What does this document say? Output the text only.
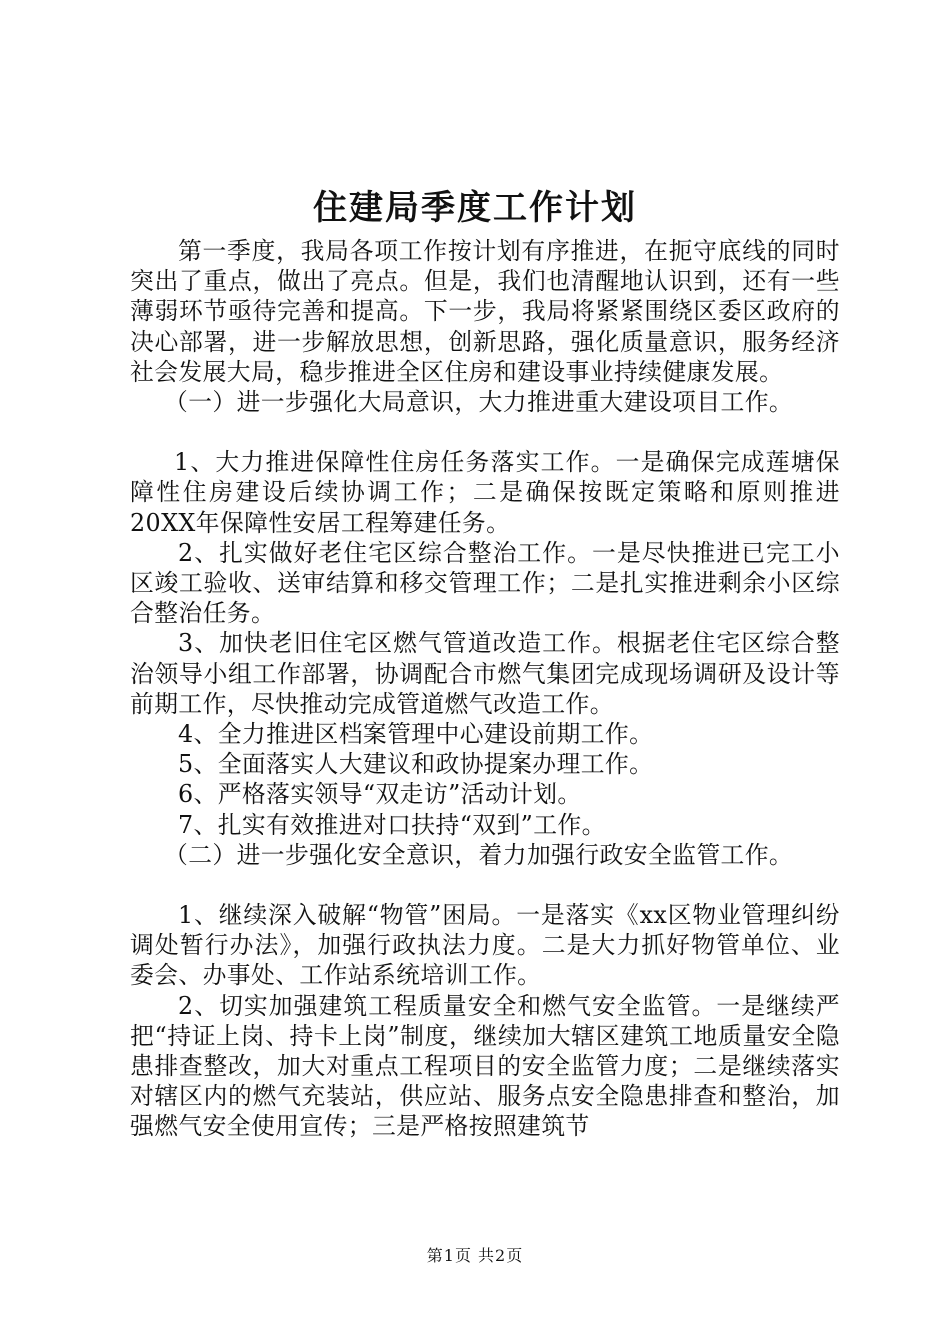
住建局季度工作计划

第一季度，我局各项工作按计划有序推进，在扼守底线的同时突出了重点，做出了亮点。但是，我们也清醒地认识到，还有一些薄弱环节亟待完善和提高。下一步，我局将紧紧围绕区委区政府的决心部署，进一步解放思想，创新思路，强化质量意识，服务经济社会发展大局，稳步推进全区住房和建设事业持续健康发展。

（一）进一步强化大局意识，大力推进重大建设项目工作。

1、大力推进保障性住房任务落实工作。一是确保完成莲塘保障性住房建设后续协调工作；二是确保按既定策略和原则推进20XX年保障性安居工程筹建任务。

2、扎实做好老住宅区综合整治工作。一是尽快推进已完工小区竣工验收、送审结算和移交管理工作；二是扎实推进剩余小区综合整治任务。

3、加快老旧住宅区燃气管道改造工作。根据老住宅区综合整治领导小组工作部署，协调配合市燃气集团完成现场调研及设计等前期工作，尽快推动完成管道燃气改造工作。

4、全力推进区档案管理中心建设前期工作。

5、全面落实人大建议和政协提案办理工作。

6、严格落实领导“双走访”活动计划。

7、扎实有效推进对口扶持“双到”工作。

（二）进一步强化安全意识，着力加强行政安全监管工作。

1、继续深入破解“物管”困局。一是落实《xx区物业管理纠纷调处暂行办法》，加强行政执法力度。二是大力抓好物管单位、业委会、办事处、工作站系统培训工作。

2、切实加强建筑工程质量安全和燃气安全监管。一是继续严把“持证上岗、持卡上岗”制度，继续加大辖区建筑工地质量安全隐患排查整改，加大对重点工程项目的安全监管力度；二是继续落实对辖区内的燃气充装站，供应站、服务点安全隐患排查和整治，加强燃气安全使用宣传；三是严格按照建筑节

第1页 共2页
